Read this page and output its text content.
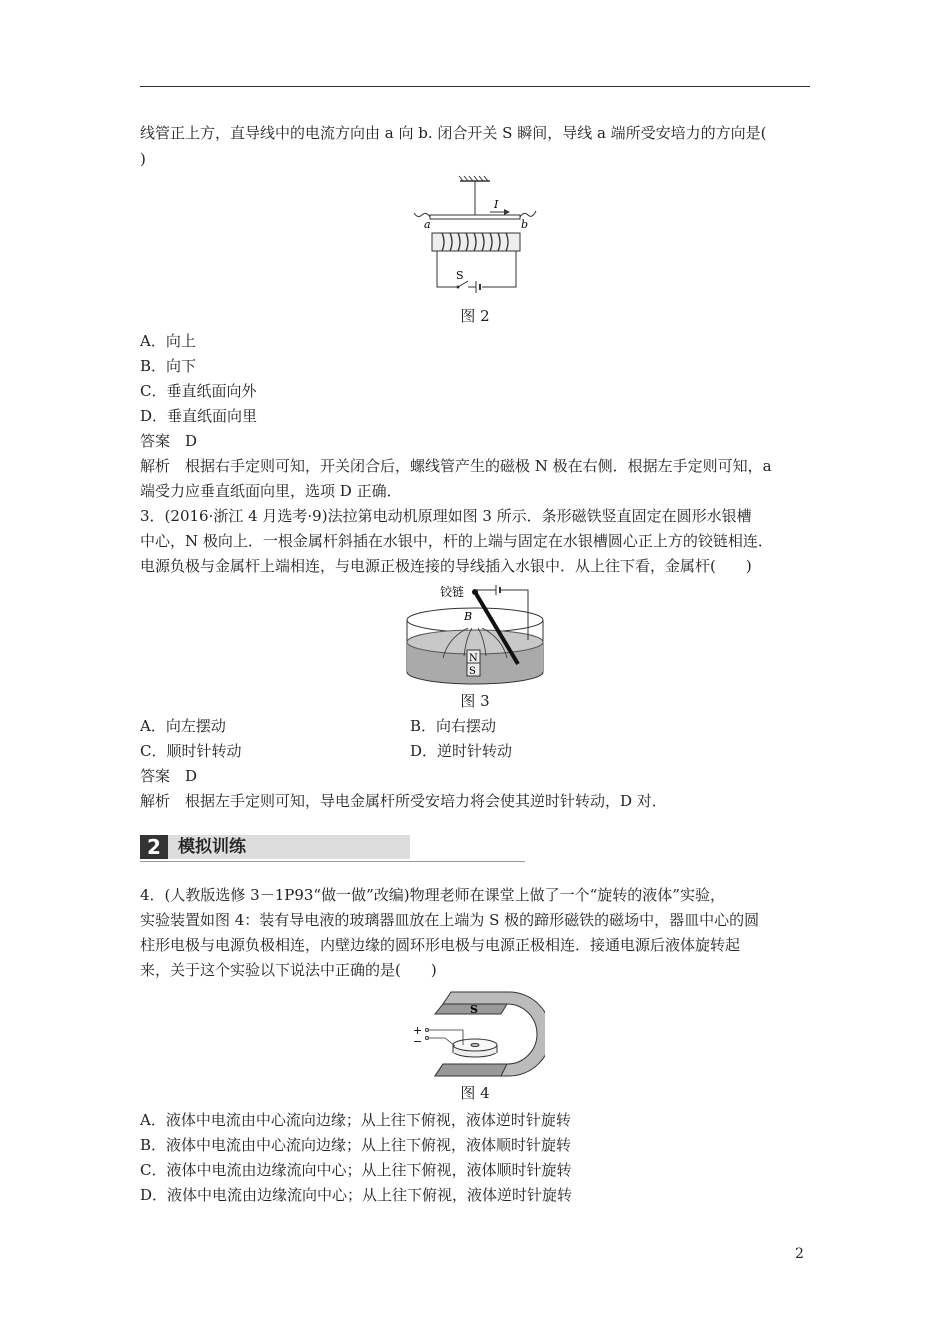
线管正上方，直导线中的电流方向由 a 向 b. 闭合开关 S 瞬间，导线 a 端所受安培力的方向是(
)
I
a	b
S
图 2
A．向上
B．向下
C．垂直纸面向外
D．垂直纸面向里
答案　D
解析　根据右手定则可知，开关闭合后，螺线管产生的磁极 N 极在右侧．根据左手定则可知，a
端受力应垂直纸面向里，选项 D 正确．
3．(2016·浙江 4 月选考·9)法拉第电动机原理如图 3 所示．条形磁铁竖直固定在圆形水银槽
中心，N 极向上．一根金属杆斜插在水银中，杆的上端与固定在水银槽圆心正上方的铰链相连．
电源负极与金属杆上端相连，与电源正极连接的导线插入水银中．从上往下看，金属杆(　　)
N
S
铰链
B
图 3
A．向左摆动	B．向右摆动
C．顺时针转动	D．逆时针转动
答案　D
解析　根据左手定则可知，导电金属杆所受安培力将会使其逆时针转动，D 对．
2	模拟训练
4．(人教版选修 3－1P93“做一做”改编)物理老师在课堂上做了一个“旋转的液体”实验，
实验装置如图 4：装有导电液的玻璃器皿放在上端为 S 极的蹄形磁铁的磁场中，器皿中心的圆
柱形电极与电源负极相连，内壁边缘的圆环形电极与电源正极相连．接通电源后液体旋转起
来，关于这个实验以下说法中正确的是(　　)
S
+
−
图 4
A．液体中电流由中心流向边缘；从上往下俯视，液体逆时针旋转
B．液体中电流由中心流向边缘；从上往下俯视，液体顺时针旋转
C．液体中电流由边缘流向中心；从上往下俯视，液体顺时针旋转
D．液体中电流由边缘流向中心；从上往下俯视，液体逆时针旋转
2
